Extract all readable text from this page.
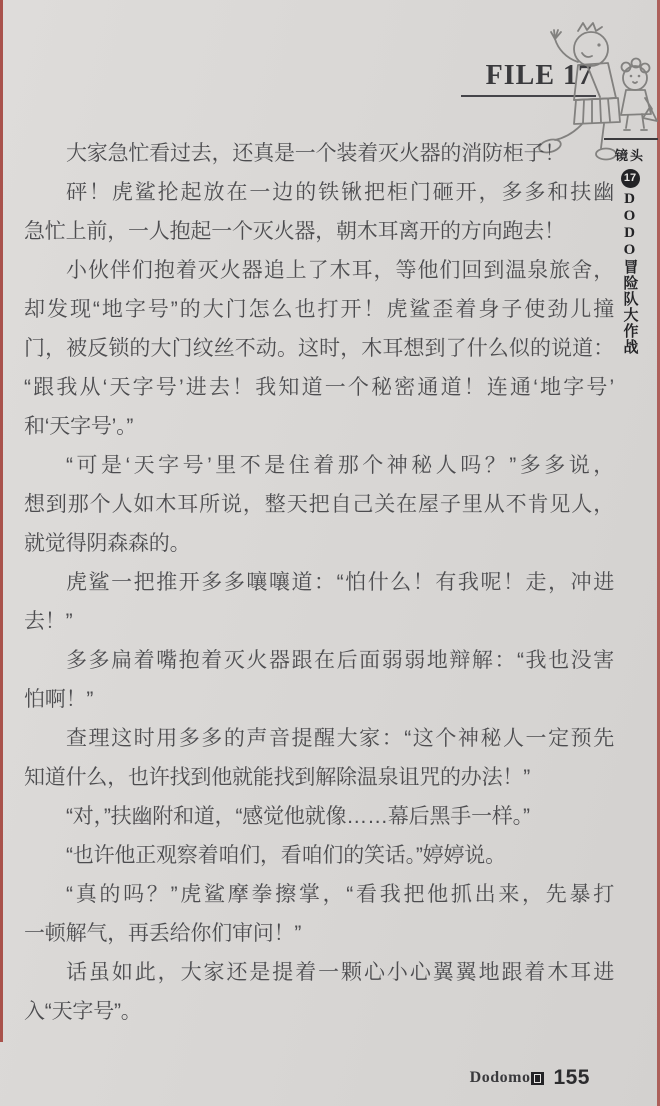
FILE 17
镜头
17
DODO冒险队大作战
大家急忙看过去，还真是一个装着灭火器的消防柜子！
砰！虎鲨抡起放在一边的铁锹把柜门砸开，多多和扶幽
急忙上前，一人抱起一个灭火器，朝木耳离开的方向跑去！
小伙伴们抱着灭火器追上了木耳，等他们回到温泉旅舍，
却发现“地字号”的大门怎么也打开！虎鲨歪着身子使劲儿撞
门，被反锁的大门纹丝不动。这时，木耳想到了什么似的说道：
“跟我从‘天字号’进去！我知道一个秘密通道！连通‘地字号’
和‘天字号’。”
“可是‘天字号’里不是住着那个神秘人吗？”多多说，
想到那个人如木耳所说，整天把自己关在屋子里从不肯见人，
就觉得阴森森的。
虎鲨一把推开多多嚷嚷道：“怕什么！有我呢！走，冲进
去！”
多多扁着嘴抱着灭火器跟在后面弱弱地辩解：“我也没害
怕啊！”
查理这时用多多的声音提醒大家：“这个神秘人一定预先
知道什么，也许找到他就能找到解除温泉诅咒的办法！”
“对，”扶幽附和道，“感觉他就像……幕后黑手一样。”
“也许他正观察着咱们，看咱们的笑话。”婷婷说。
“真的吗？”虎鲨摩拳擦掌，“看我把他抓出来，先暴打
一顿解气，再丢给你们审问！”
话虽如此，大家还是提着一颗心小心翼翼地跟着木耳进
入“天字号”。
Dodomo 155
